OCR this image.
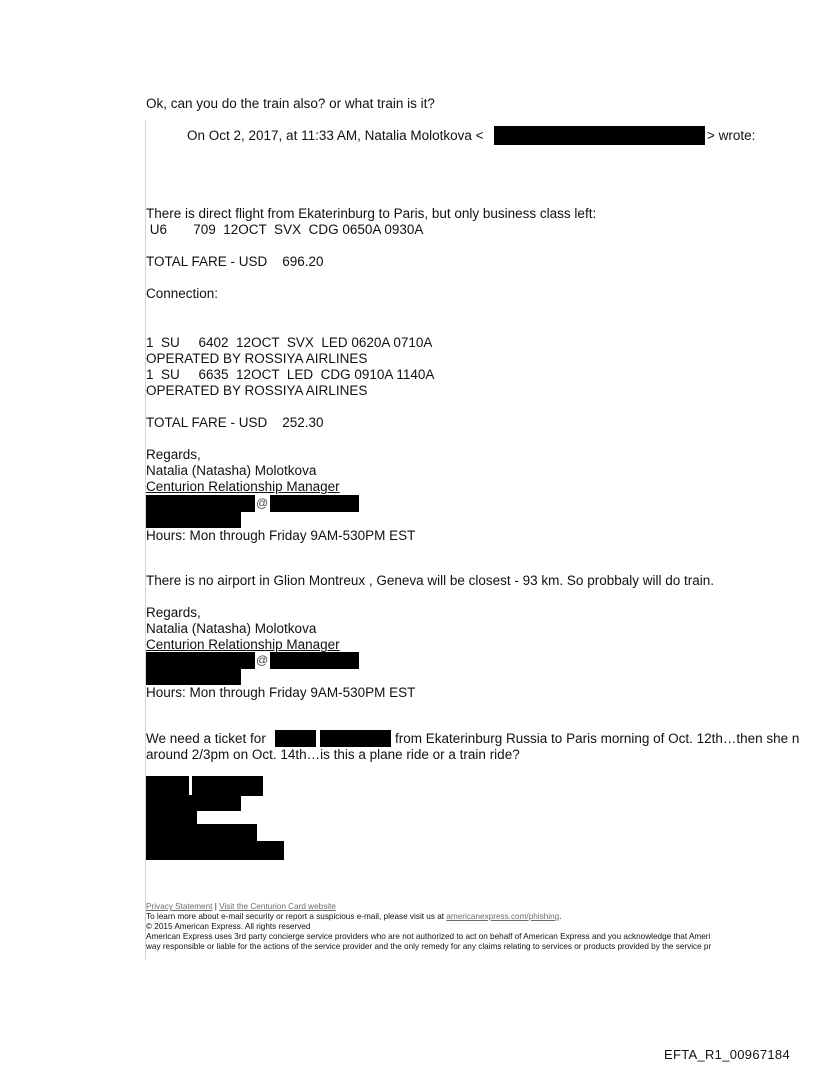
Ok, can you do the train also? or what train is it?
On Oct 2, 2017, at 11:33 AM, Natalia Molotkova <	> wrote:
There is direct flight from Ekaterinburg to Paris, but only business class left:
U6       709  12OCT  SVX  CDG 0650A 0930A
TOTAL FARE - USD    696.20
Connection:
1  SU     6402  12OCT  SVX  LED 0620A 0710A
OPERATED BY ROSSIYA AIRLINES
1  SU     6635  12OCT  LED  CDG 0910A 1140A
OPERATED BY ROSSIYA AIRLINES
TOTAL FARE - USD    252.30
Regards,
Natalia (Natasha) Molotkova
Centurion Relationship Manager
@
Hours: Mon through Friday 9AM-530PM EST
There is no airport in Glion Montreux , Geneva will be closest - 93 km. So probbaly will do train.
Regards,
Natalia (Natasha) Molotkova
Centurion Relationship Manager
@
Hours: Mon through Friday 9AM-530PM EST
We need a ticket for	from Ekaterinburg Russia to Paris morning of Oct. 12th…then she n
around 2/3pm on Oct. 14th…is this a plane ride or a train ride?
Privacy Statement | Visit the Centurion Card website
To learn more about e-mail security or report a suspicious e-mail, please visit us at americanexpress.com/phishing.
© 2015 American Express. All rights reserved
American Express uses 3rd party concierge service providers who are not authorized to act on behalf of American Express and you acknowledge that Ameri
way responsible or liable for the actions of the service provider and the only remedy for any claims relating to services or products provided by the service pr
EFTA_R1_00967184
